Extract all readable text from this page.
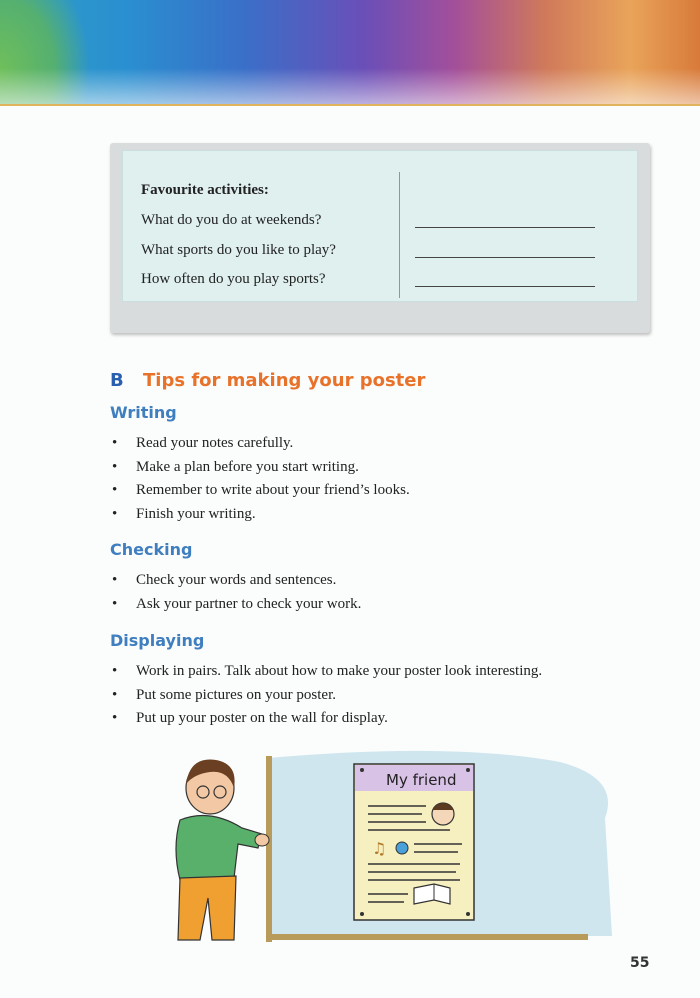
Favourite activities:
What do you do at weekends?
What sports do you like to play?
How often do you play sports?
B Tips for making your poster
Writing
• Read your notes carefully.
• Make a plan before you start writing.
• Remember to write about your friend’s looks.
• Finish your writing.
Checking
• Check your words and sentences.
• Ask your partner to check your work.
Displaying
• Work in pairs. Talk about how to make your poster look interesting.
• Put some pictures on your poster.
• Put up your poster on the wall for display.
My friend
♫
55
